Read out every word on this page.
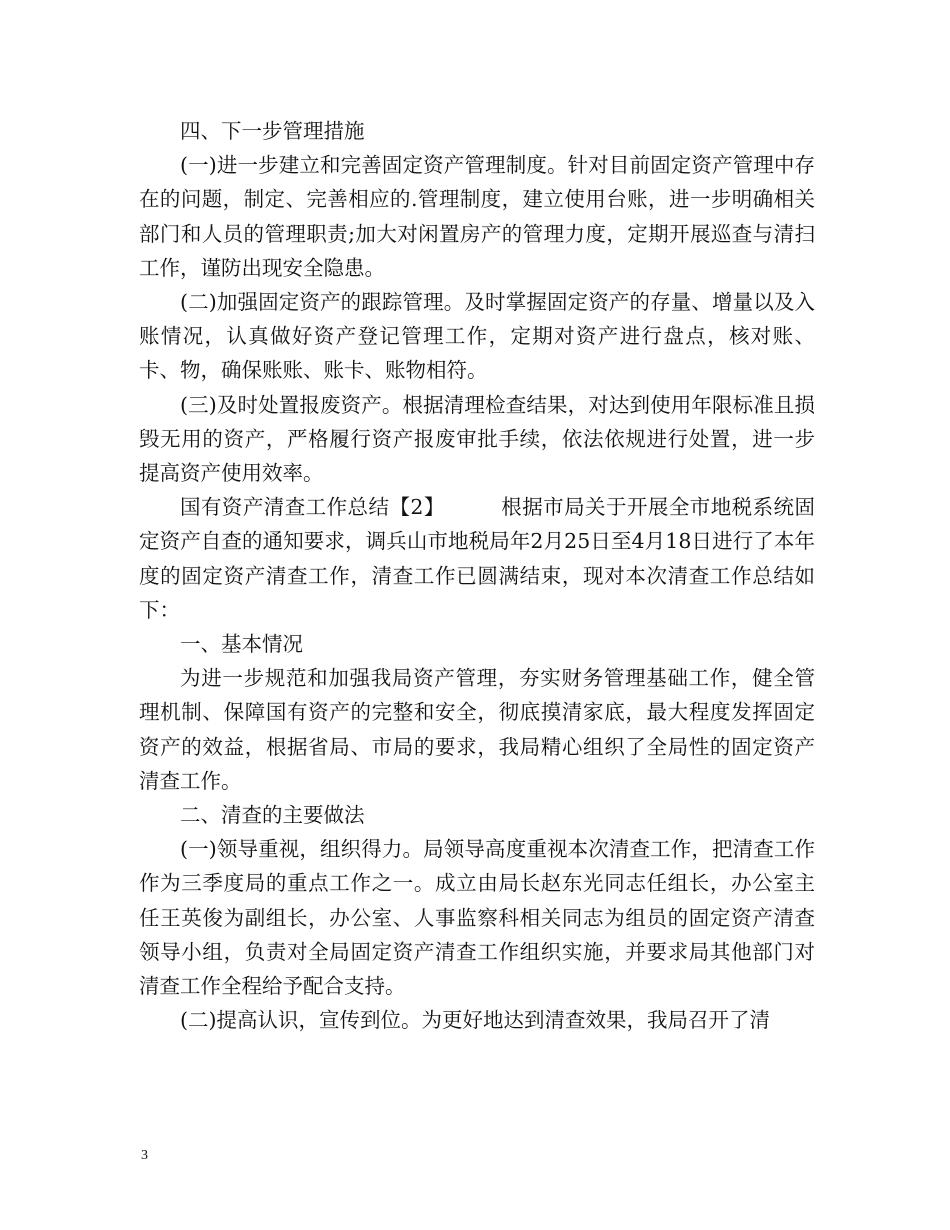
四、下一步管理措施

(一)进一步建立和完善固定资产管理制度。针对目前固定资产管理中存在的问题，制定、完善相应的.管理制度，建立使用台账，进一步明确相关部门和人员的管理职责;加大对闲置房产的管理力度，定期开展巡查与清扫工作，谨防出现安全隐患。

(二)加强固定资产的跟踪管理。及时掌握固定资产的存量、增量以及入账情况，认真做好资产登记管理工作，定期对资产进行盘点，核对账、卡、物，确保账账、账卡、账物相符。

(三)及时处置报废资产。根据清理检查结果，对达到使用年限标准且损毁无用的资产，严格履行资产报废审批手续，依法依规进行处置，进一步提高资产使用效率。

国有资产清查工作总结【2】	根据市局关于开展全市地税系统固定资产自查的通知要求，调兵山市地税局年2月25日至4月18日进行了本年度的固定资产清查工作，清查工作已圆满结束，现对本次清查工作总结如下：

一、基本情况

为进一步规范和加强我局资产管理，夯实财务管理基础工作，健全管理机制、保障国有资产的完整和安全，彻底摸清家底，最大程度发挥固定资产的效益，根据省局、市局的要求，我局精心组织了全局性的固定资产清查工作。

二、清查的主要做法

(一)领导重视，组织得力。局领导高度重视本次清查工作，把清查工作作为三季度局的重点工作之一。成立由局长赵东光同志任组长，办公室主任王英俊为副组长，办公室、人事监察科相关同志为组员的固定资产清查领导小组，负责对全局固定资产清查工作组织实施，并要求局其他部门对清查工作全程给予配合支持。

(二)提高认识，宣传到位。为更好地达到清查效果，我局召开了清

3
